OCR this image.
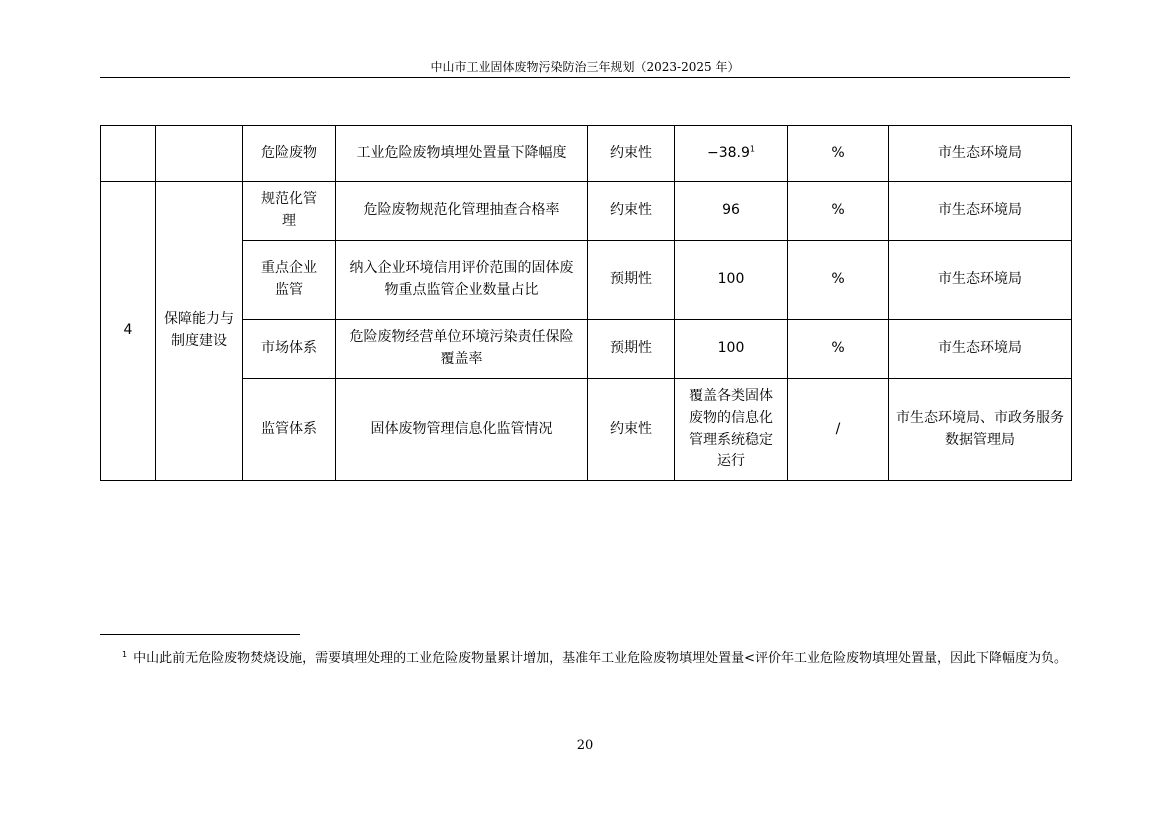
中山市工业固体废物污染防治三年规划（2023-2025 年）
		危险废物	工业危险废物填埋处置量下降幅度	约束性	$-38.9^1$	%	市生态环境局
4	保障能力与制度建设	规范化管理	危险废物规范化管理抽查合格率	约束性	96	%	市生态环境局
		重点企业监管	纳入企业环境信用评价范围的固体废物重点监管企业数量占比	预期性	100	%	市生态环境局
		市场体系	危险废物经营单位环境污染责任保险覆盖率	预期性	100	%	市生态环境局
		监管体系	固体废物管理信息化监管情况	约束性	覆盖各类固体废物的信息化管理系统稳定运行	/	市生态环境局、市政务服务数据管理局
$^1$ 中山此前无危险废物焚烧设施，需要填埋处理的工业危险废物量累计增加，基准年工业危险废物填埋处置量<评价年工业危险废物填埋处置量，因此下降幅度为负。
20
